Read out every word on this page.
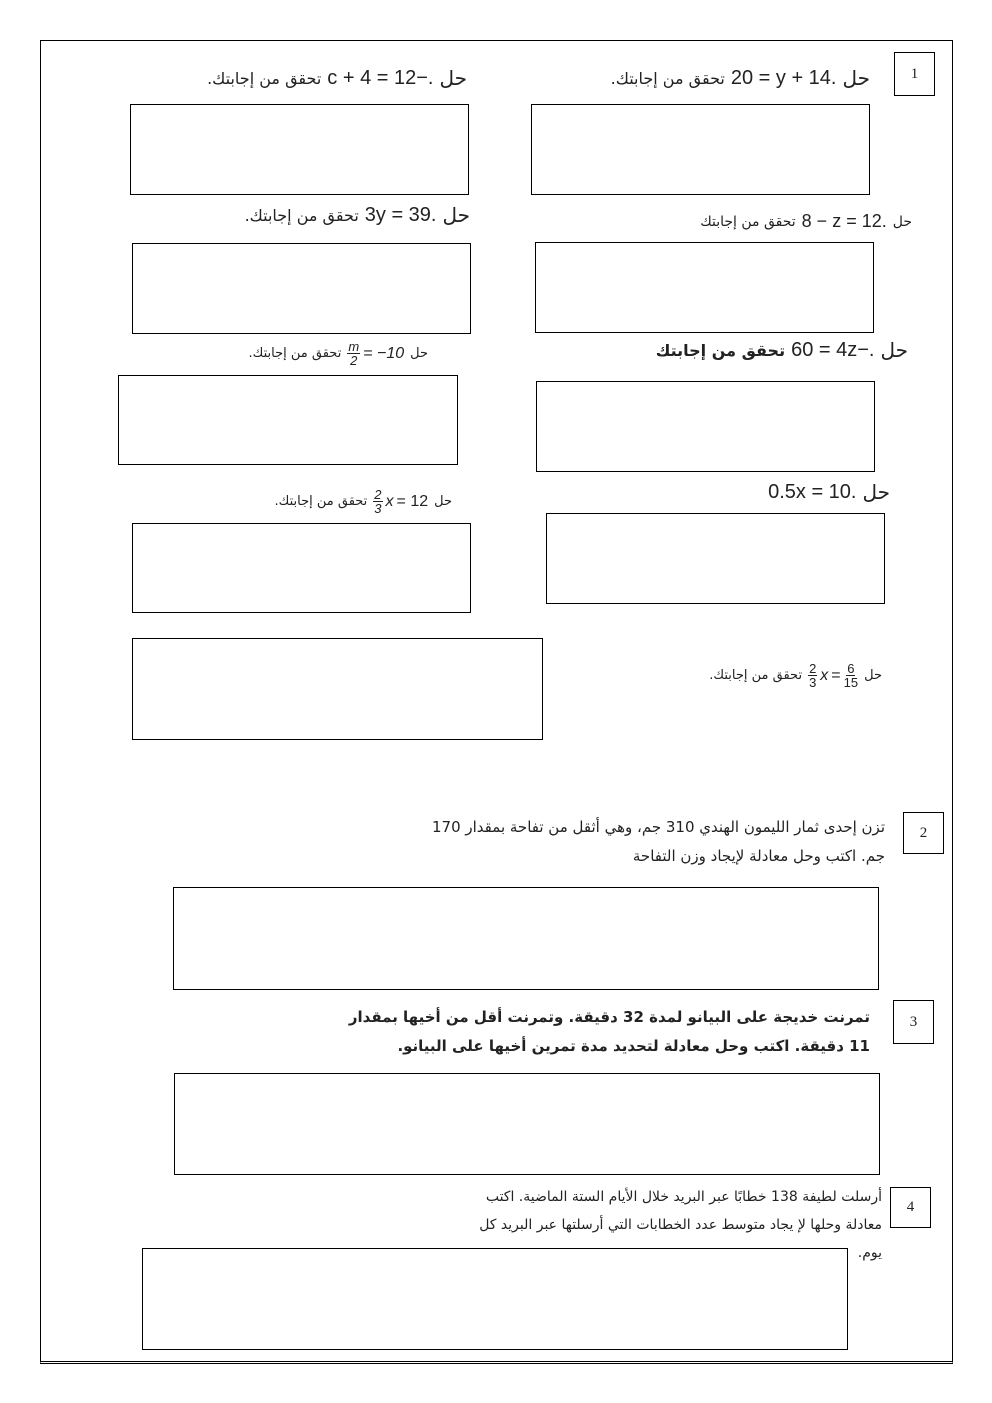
1
حل
20 = y + 14.
تحقق من إجابتك.
حل
c + 4 = 12−.
تحقق من إجابتك.
حل
3y = 39.
تحقق من إجابتك.	حل
8 − z = 12.
تحقق من إجابتك
حل
$\frac{m}{2} 10-$ =
تحقق من إجابتك.	حل
60 = 4z−.
تحقق من إجابتك
حل
$\frac{2}{3}$ x 12 =
تحقق من إجابتك.	حل
0.5x = 10.
حل
$\frac{2}{3}$ $x = \frac{6}{15}$
تحقق من إجابتك.
2
تزن إحدى ثمار الليمون الهندي 310 جم، وهي أثقل من تفاحة بمقدار 170
جم. اكتب وحل معادلة لإيجاد وزن التفاحة
3
تمرنت خديجة على البيانو لمدة 32 دقيقة. وتمرنت أقل من أخيها بمقدار
11 دقيقة. اكتب وحل معادلة لتحديد مدة تمرين أخيها على البيانو.
4
أرسلت لطيفة 138 خطابًا عبر البريد خلال الأيام الستة الماضية. اكتب
معادلة وحلها لإ يجاد متوسط عدد الخطابات التي أرسلتها عبر البريد كل
يوم.
